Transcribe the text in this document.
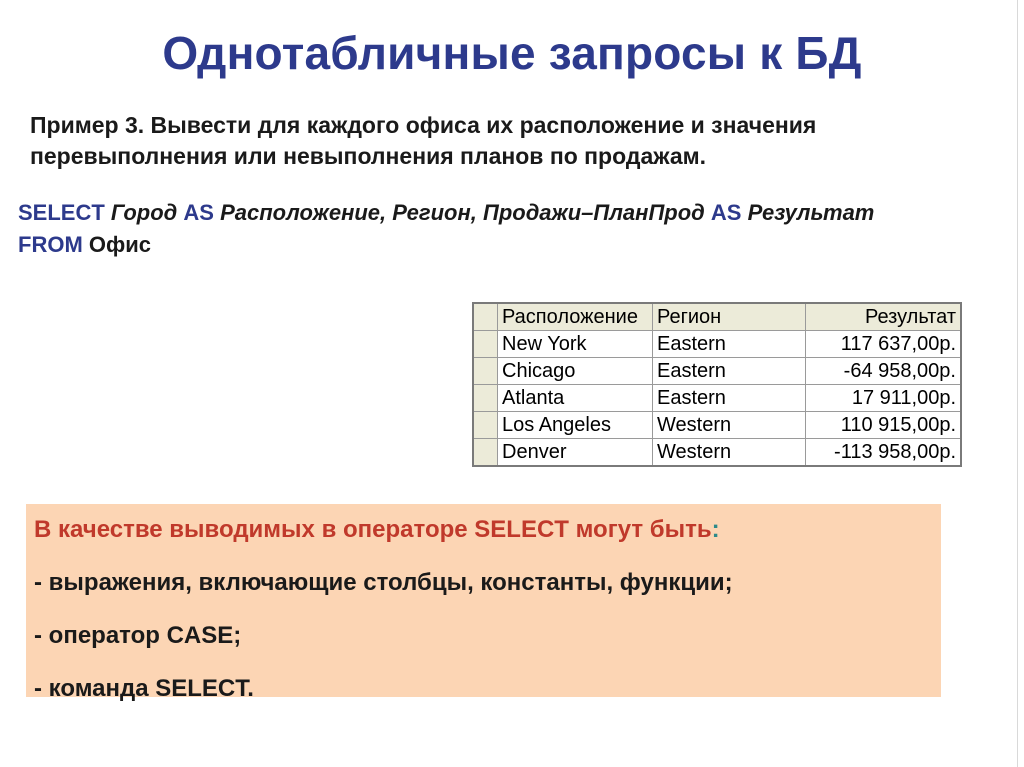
Однотабличные запросы к БД
Пример 3. Вывести для каждого офиса их расположение и значения
перевыполнения или невыполнения планов по продажам.
SELECT Город AS Расположение, Регион, Продажи–ПланПрод AS Результат
FROM Офис
	Расположение	Регион	Результат
	New York	Eastern	117 637,00р.
	Chicago	Eastern	-64 958,00р.
	Atlanta	Eastern	17 911,00р.
	Los Angeles	Western	110 915,00р.
	Denver	Western	-113 958,00р.
В качестве выводимых в операторе SELECT могут быть:
- выражения, включающие столбцы, константы, функции;
- оператор CASE;
- команда SELECT.
